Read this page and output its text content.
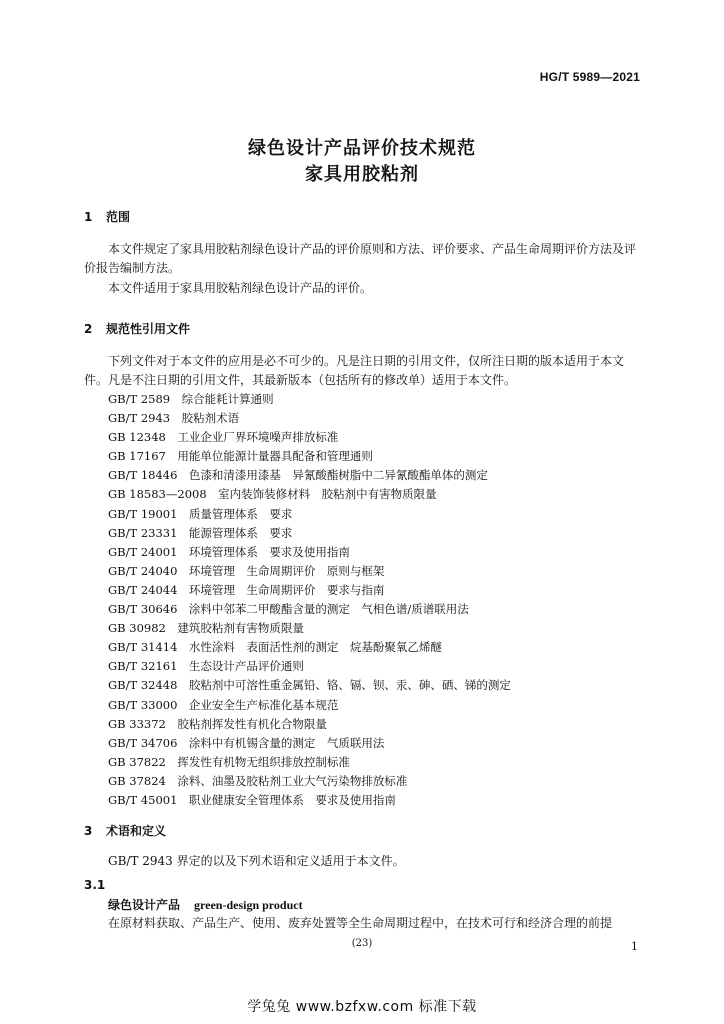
HG/T 5989—2021
绿色设计产品评价技术规范
家具用胶粘剂
1 范围

本文件规定了家具用胶粘剂绿色设计产品的评价原则和方法、评价要求、产品生命周期评价方法及评价报告编制方法。

本文件适用于家具用胶粘剂绿色设计产品的评价。

2 规范性引用文件

下列文件对于本文件的应用是必不可少的。凡是注日期的引用文件，仅所注日期的版本适用于本文件。凡是不注日期的引用文件，其最新版本（包括所有的修改单）适用于本文件。

GB/T 2589　 综合能耗计算通则
GB/T 2943　 胶粘剂术语
GB 12348　 工业企业厂界环境噪声排放标准
GB 17167　 用能单位能源计量器具配备和管理通则
GB/T 18446　 色漆和清漆用漆基　异氰酸酯树脂中二异氰酸酯单体的测定
GB 18583—2008　 室内装饰装修材料　胶粘剂中有害物质限量
GB/T 19001　 质量管理体系　要求
GB/T 23331　 能源管理体系　要求
GB/T 24001　 环境管理体系　要求及使用指南
GB/T 24040　 环境管理　生命周期评价　原则与框架
GB/T 24044　 环境管理　生命周期评价　要求与指南
GB/T 30646　 涂料中邻苯二甲酸酯含量的测定　气相色谱/质谱联用法
GB 30982　 建筑胶粘剂有害物质限量
GB/T 31414　 水性涂料　表面活性剂的测定　烷基酚聚氧乙烯醚
GB/T 32161　 生态设计产品评价通则
GB/T 32448　 胶粘剂中可溶性重金属铅、铬、镉、钡、汞、砷、硒、锑的测定
GB/T 33000　 企业安全生产标准化基本规范
GB 33372　 胶粘剂挥发性有机化合物限量
GB/T 34706　 涂料中有机锡含量的测定　气质联用法
GB 37822　 挥发性有机物无组织排放控制标准
GB 37824　 涂料、油墨及胶粘剂工业大气污染物排放标准
GB/T 45001　 职业健康安全管理体系　要求及使用指南
3 术语和定义

GB/T 2943 界定的以及下列术语和定义适用于本文件。

3.1
绿色设计产品 green-design product

在原材料获取、产品生产、使用、废弃处置等全生命周期过程中，在技术可行和经济合理的前提

(23)	1
学兔兔 www.bzfxw.com 标准下载
